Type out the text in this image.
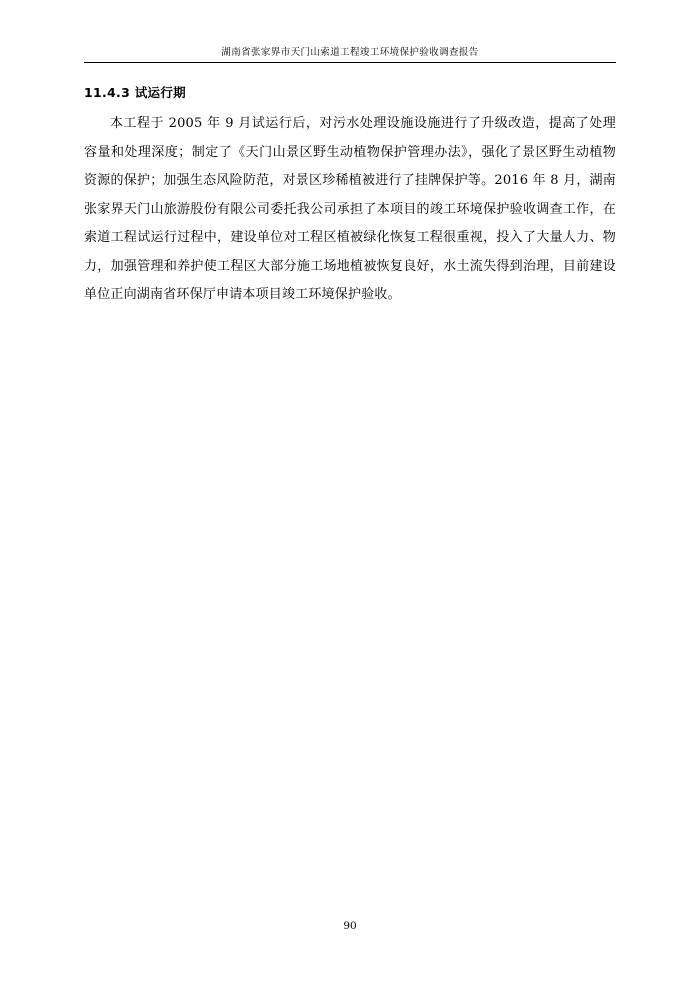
湖南省张家界市天门山索道工程竣工环境保护验收调查报告
11.4.3 试运行期

本工程于 2005 年 9 月试运行后，对污水处理设施设施进行了升级改造，提高了处理容量和处理深度；制定了《天门山景区野生动植物保护管理办法》，强化了景区野生动植物资源的保护；加强生态风险防范，对景区珍稀植被进行了挂牌保护等。2016 年 8 月，湖南张家界天门山旅游股份有限公司委托我公司承担了本项目的竣工环境保护验收调查工作，在索道工程试运行过程中，建设单位对工程区植被绿化恢复工程很重视，投入了大量人力、物力，加强管理和养护使工程区大部分施工场地植被恢复良好，水土流失得到治理，目前建设单位正向湖南省环保厅申请本项目竣工环境保护验收。

90
